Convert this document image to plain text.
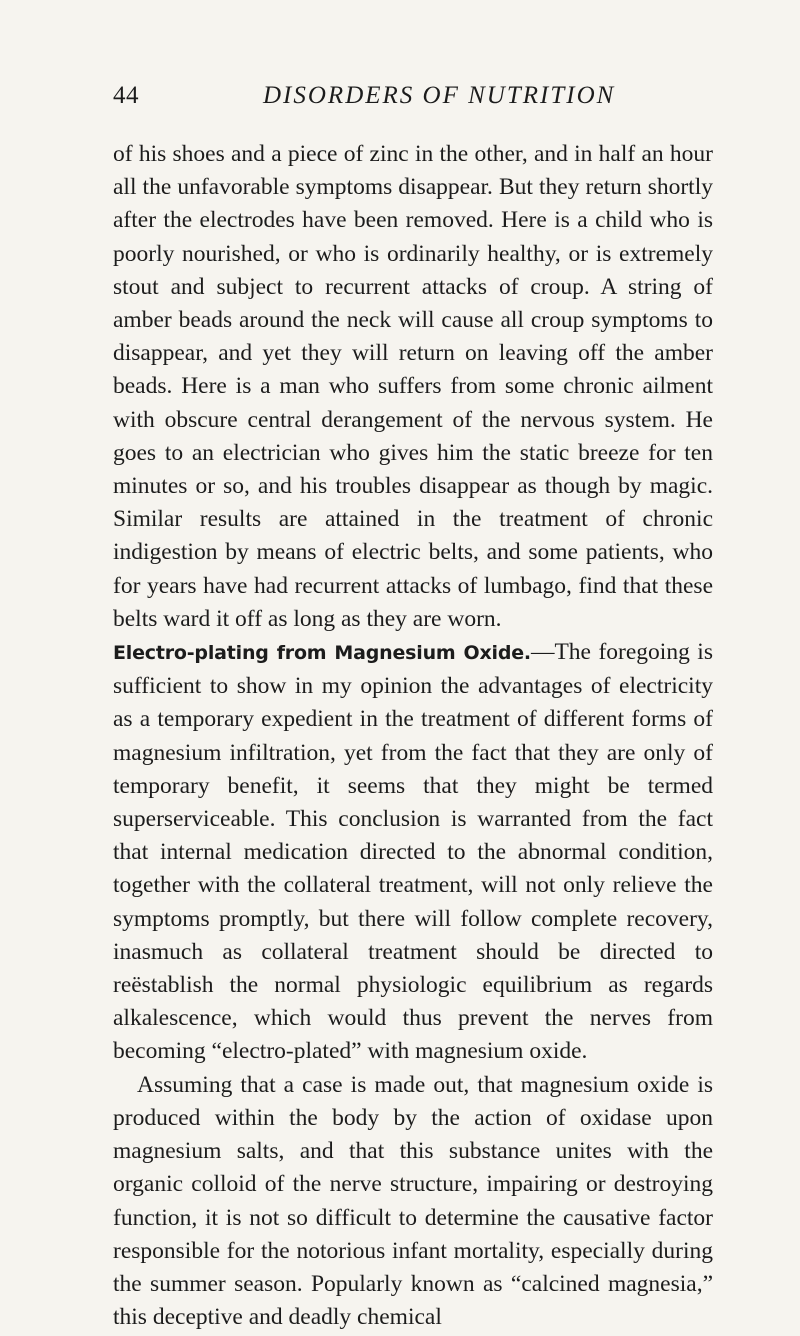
44	DISORDERS OF NUTRITION

of his shoes and a piece of zinc in the other, and in half an hour all the unfavorable symptoms disappear. But they return shortly after the electrodes have been removed. Here is a child who is poorly nourished, or who is ordinarily healthy, or is extremely stout and subject to recurrent attacks of croup. A string of amber beads around the neck will cause all croup symptoms to disappear, and yet they will return on leaving off the amber beads. Here is a man who suffers from some chronic ailment with obscure central derangement of the nervous system. He goes to an electrician who gives him the static breeze for ten minutes or so, and his troubles disappear as though by magic. Similar results are attained in the treatment of chronic indigestion by means of electric belts, and some patients, who for years have had recurrent attacks of lumbago, find that these belts ward it off as long as they are worn.

Electro-plating from Magnesium Oxide.—The foregoing is sufficient to show in my opinion the advantages of electricity as a temporary expedient in the treatment of different forms of magnesium infiltration, yet from the fact that they are only of temporary benefit, it seems that they might be termed superserviceable. This conclusion is warranted from the fact that internal medication directed to the abnormal condition, together with the collateral treatment, will not only relieve the symptoms promptly, but there will follow complete recovery, inasmuch as collateral treatment should be directed to reëstablish the normal physiologic equilibrium as regards alkalescence, which would thus prevent the nerves from becoming “electro-plated” with magnesium oxide.

Assuming that a case is made out, that magnesium oxide is produced within the body by the action of oxidase upon magnesium salts, and that this substance unites with the organic colloid of the nerve structure, impairing or destroying function, it is not so difficult to determine the causative factor responsible for the notorious infant mortality, especially during the summer season. Popularly known as “calcined magnesia,” this deceptive and deadly chemical
